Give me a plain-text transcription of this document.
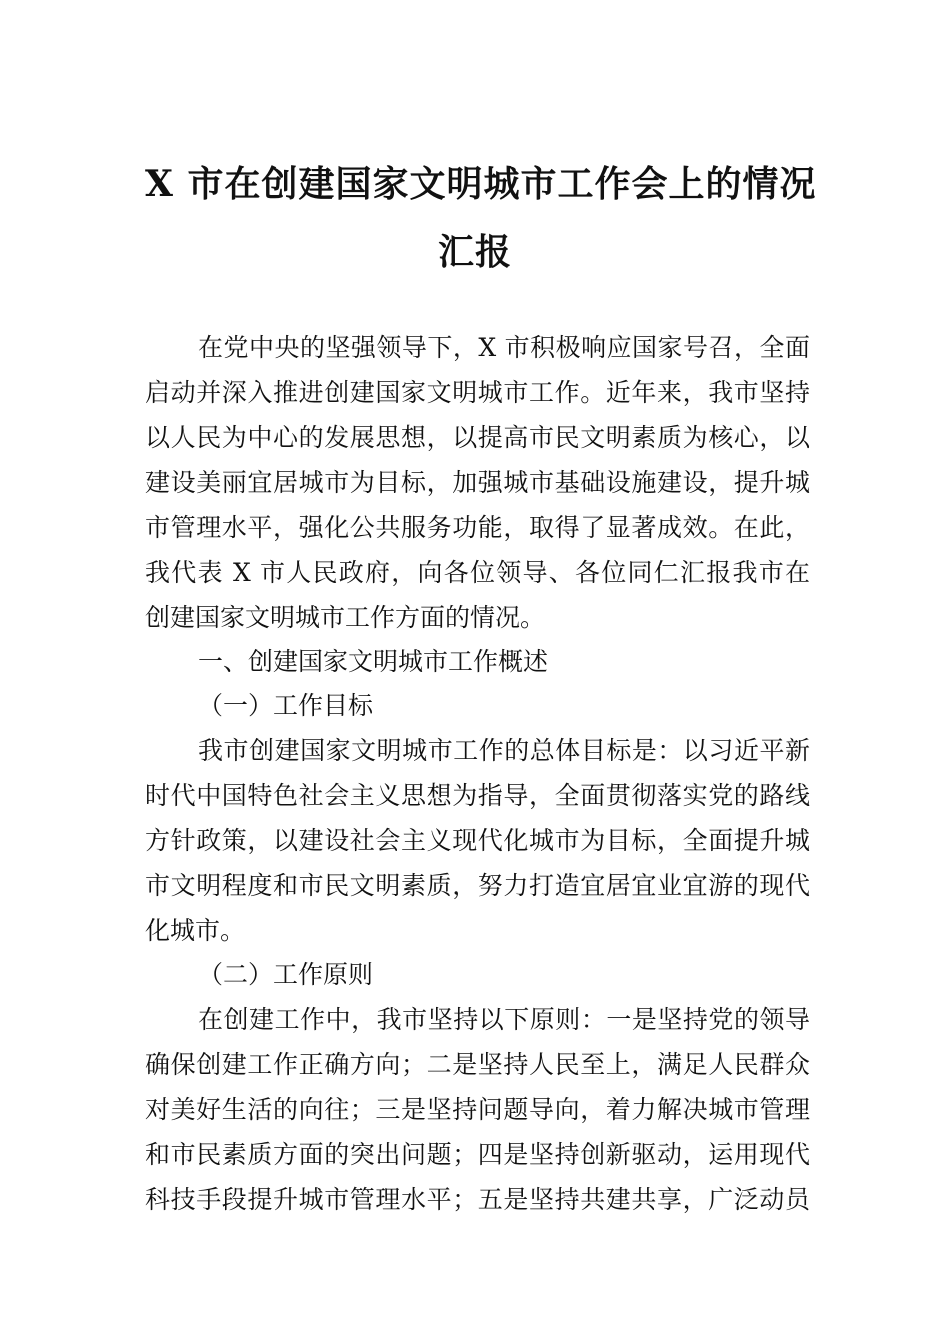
X 市在创建国家文明城市工作会上的情况
汇报

在党中央的坚强领导下，X 市积极响应国家号召，全面

启动并深入推进创建国家文明城市工作。近年来，我市坚持

以人民为中心的发展思想，以提高市民文明素质为核心，以

建设美丽宜居城市为目标，加强城市基础设施建设，提升城

市管理水平，强化公共服务功能，取得了显著成效。在此，

我代表 X 市人民政府，向各位领导、各位同仁汇报我市在

创建国家文明城市工作方面的情况。

一、创建国家文明城市工作概述

（一）工作目标

我市创建国家文明城市工作的总体目标是：以习近平新

时代中国特色社会主义思想为指导，全面贯彻落实党的路线

方针政策，以建设社会主义现代化城市为目标，全面提升城

市文明程度和市民文明素质，努力打造宜居宜业宜游的现代

化城市。

（二）工作原则

在创建工作中，我市坚持以下原则：一是坚持党的领导

确保创建工作正确方向；二是坚持人民至上，满足人民群众

对美好生活的向往；三是坚持问题导向，着力解决城市管理

和市民素质方面的突出问题；四是坚持创新驱动，运用现代

科技手段提升城市管理水平；五是坚持共建共享，广泛动员
